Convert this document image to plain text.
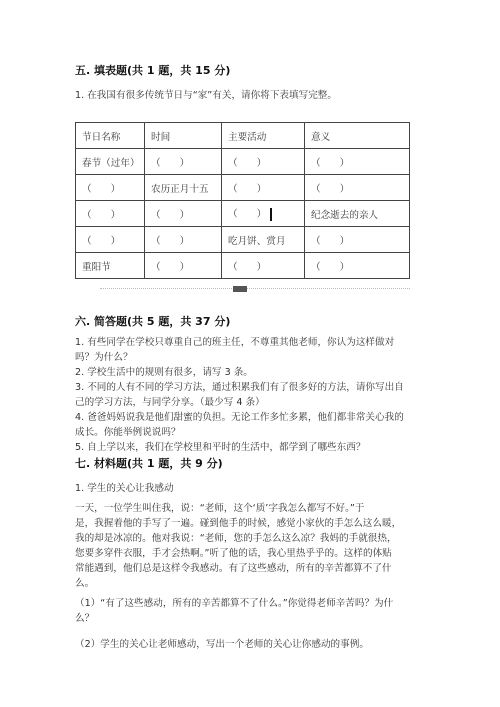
五. 填表题(共 1 题，共 15 分)
1. 在我国有很多传统节日与“家”有关，请你将下表填写完整。
节日名称	时间	主要活动	意义
春节（过年）	（　　）	（　　）	（　　）
（　　）	农历正月十五	（　　）	（　　）
（　　）	（　　）	（　　）	纪念逝去的亲人
（　　）	（　　）	吃月饼、赏月	（　　）
重阳节	（　　）	（　　）	（　　）
六. 简答题(共 5 题，共 37 分)
1. 有些同学在学校只尊重自己的班主任，不尊重其他老师，你认为这样做对
吗？为什么？
2. 学校生活中的规则有很多，请写 3 条。
3. 不同的人有不同的学习方法，通过积累我们有了很多好的方法，请你写出自
己的学习方法，与同学分享。（最少写 4 条）
4. 爸爸妈妈说我是他们甜蜜的负担。无论工作多忙多累，他们都非常关心我的
成长。你能举例说说吗？
5. 自上学以来，我们在学校里和平时的生活中，都学到了哪些东西？
七. 材料题(共 1 题，共 9 分)
1. 学生的关心让我感动
一天，一位学生叫住我，说：“老师，这个‘质’字我怎么都写不好。”于
是，我握着他的手写了一遍。碰到他手的时候，感觉小家伙的手怎么这么暖，
我的却是冰凉的。他对我说：“老师，您的手怎么这么凉？我妈的手就很热，
您要多穿件衣服，手才会热啊。”听了他的话，我心里热乎乎的。这样的体贴
常能遇到，他们总是这样令我感动。有了这些感动，所有的辛苦都算不了什
么。
（1）“有了这些感动，所有的辛苦都算不了什么。”你觉得老师辛苦吗？为什
么？
（2）学生的关心让老师感动，写出一个老师的关心让你感动的事例。
